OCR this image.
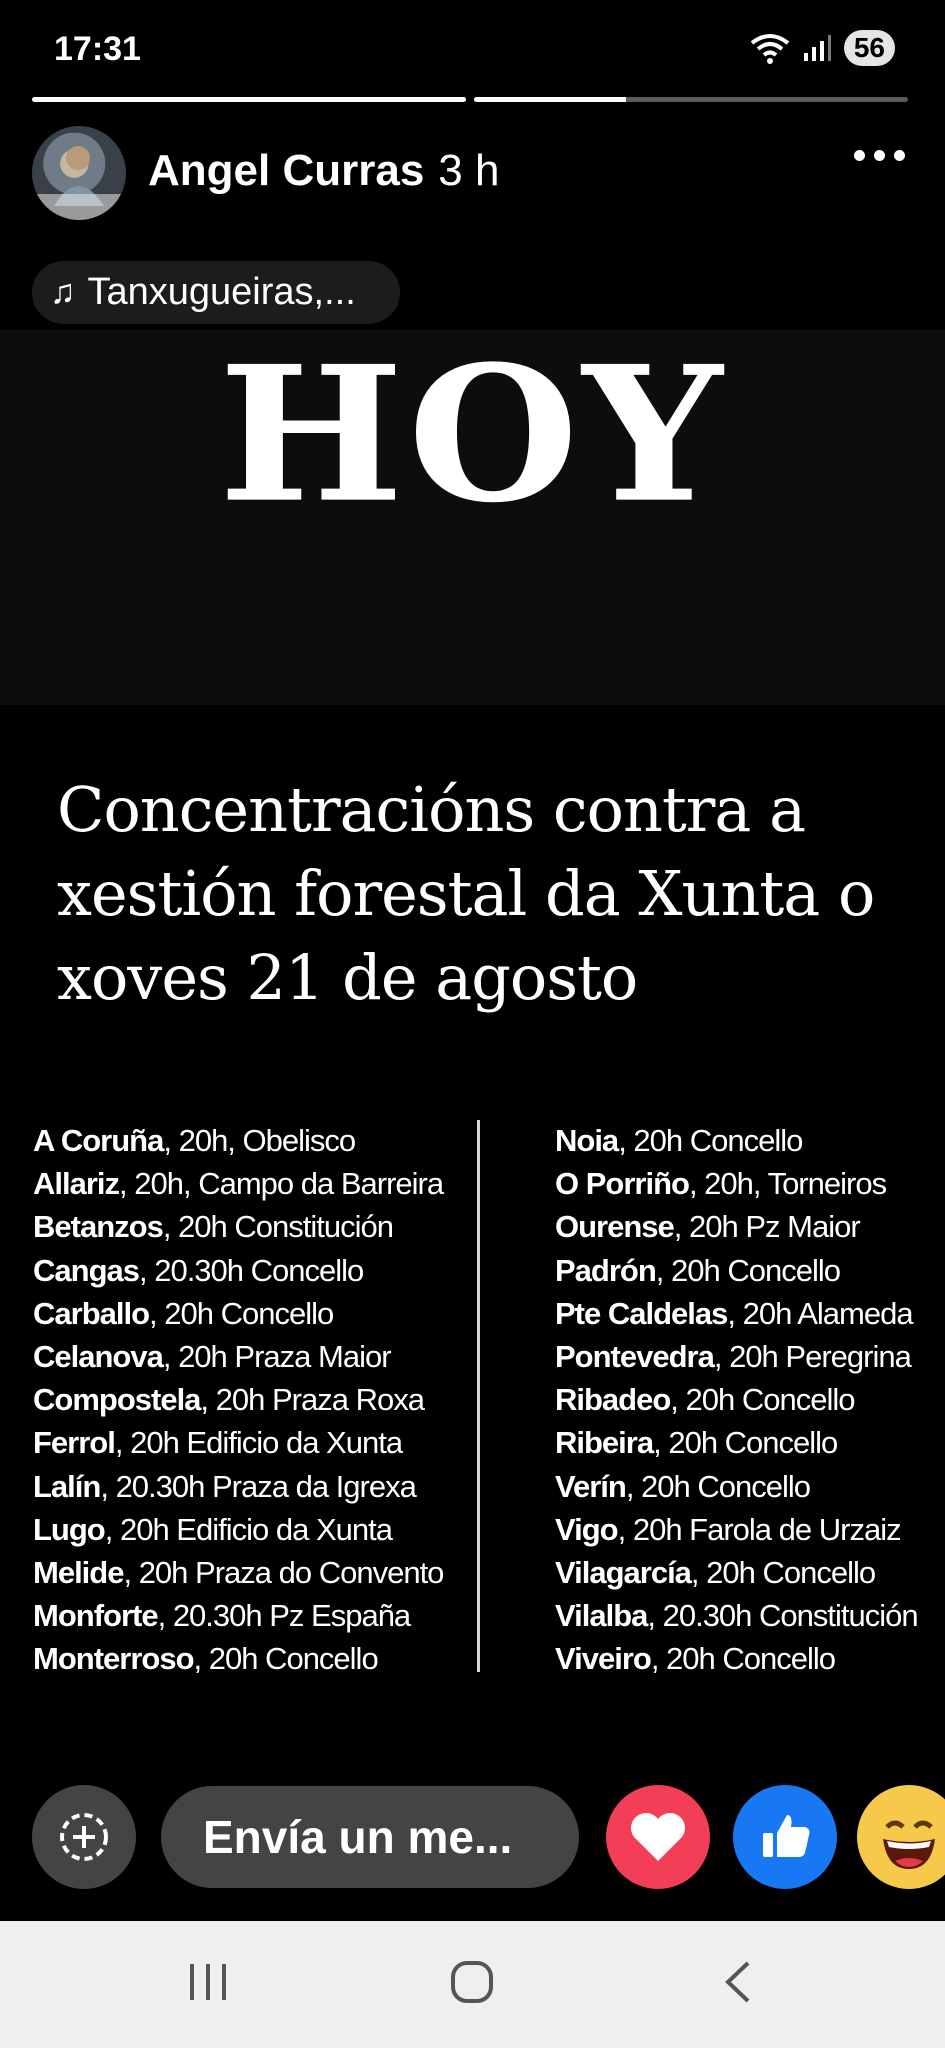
17:31	56
Angel Curras 3 h
♫ Tanxugueiras,...
HOY
Concentracións contra a xestión forestal da Xunta o xoves 21 de agosto
A Coruña, 20h, Obelisco
Allariz, 20h, Campo da Barreira
Betanzos, 20h Constitución
Cangas, 20.30h Concello
Carballo, 20h Concello
Celanova, 20h Praza Maior
Compostela, 20h Praza Roxa
Ferrol, 20h Edificio da Xunta
Lalín, 20.30h Praza da Igrexa
Lugo, 20h Edificio da Xunta
Melide, 20h Praza do Convento
Monforte, 20.30h Pz España
Monterroso, 20h Concello
Noia, 20h Concello
O Porriño, 20h, Torneiros
Ourense, 20h Pz Maior
Padrón, 20h Concello
Pte Caldelas, 20h Alameda
Pontevedra, 20h Peregrina
Ribadeo, 20h Concello
Ribeira, 20h Concello
Verín, 20h Concello
Vigo, 20h Farola de Urzaiz
Vilagarcía, 20h Concello
Vilalba, 20.30h Constitución
Viveiro, 20h Concello
Envía un me...
